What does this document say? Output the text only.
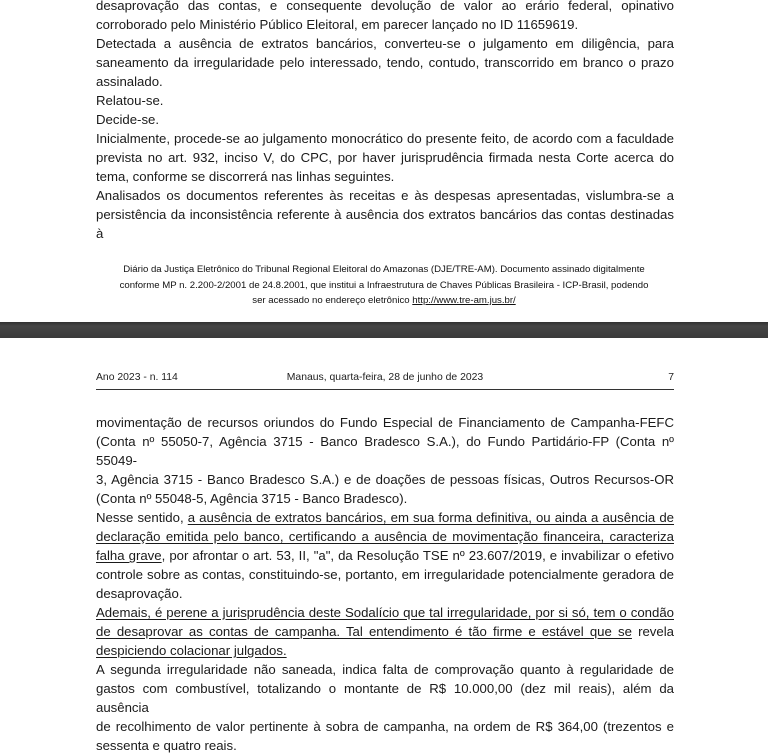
desaprovação das contas, e consequente devolução de valor ao erário federal, opinativo
corroborado pelo Ministério Público Eleitoral, em parecer lançado no ID 11659619.
Detectada a ausência de extratos bancários, converteu-se o julgamento em diligência, para
saneamento da irregularidade pelo interessado, tendo, contudo, transcorrido em branco o prazo
assinalado.
Relatou-se.
Decide-se.
Inicialmente, procede-se ao julgamento monocrático do presente feito, de acordo com a faculdade
prevista no art. 932, inciso V, do CPC, por haver jurisprudência firmada nesta Corte acerca do
tema, conforme se discorrerá nas linhas seguintes.
Analisados os documentos referentes às receitas e às despesas apresentadas, vislumbra-se a
persistência da inconsistência referente à ausência dos extratos bancários das contas destinadas à
Diário da Justiça Eletrônico do Tribunal Regional Eleitoral do Amazonas (DJE/TRE-AM). Documento assinado digitalmente
conforme MP n. 2.200-2/2001 de 24.8.2001, que institui a Infraestrutura de Chaves Públicas Brasileira - ICP-Brasil, podendo
ser acessado no endereço eletrônico http://www.tre-am.jus.br/
Ano 2023 - n. 114	Manaus, quarta-feira, 28 de junho de 2023	7
movimentação de recursos oriundos do Fundo Especial de Financiamento de Campanha-FEFC
(Conta nº 55050-7, Agência 3715 - Banco Bradesco S.A.), do Fundo Partidário-FP (Conta nº 55049-
3, Agência 3715 - Banco Bradesco S.A.) e de doações de pessoas físicas, Outros Recursos-OR
(Conta nº 55048-5, Agência 3715 - Banco Bradesco).
Nesse sentido, a ausência de extratos bancários, em sua forma definitiva, ou ainda a ausência de
declaração emitida pelo banco, certificando a ausência de movimentação financeira, caracteriza
falha grave, por afrontar o art. 53, II, "a", da Resolução TSE nº 23.607/2019, e invabilizar o efetivo
controle sobre as contas, constituindo-se, portanto, em irregularidade potencialmente geradora de
desaprovação.
Ademais, é perene a jurisprudência deste Sodalício que tal irregularidade, por si só, tem o condão
de desaprovar as contas de campanha. Tal entendimento é tão firme e estável que se revela
despiciendo colacionar julgados.
A segunda irregularidade não saneada, indica falta de comprovação quanto à regularidade de
gastos com combustível, totalizando o montante de R$ 10.000,00 (dez mil reais), além da ausência
de recolhimento de valor pertinente à sobra de campanha, na ordem de R$ 364,00 (trezentos e
sessenta e quatro reais.
